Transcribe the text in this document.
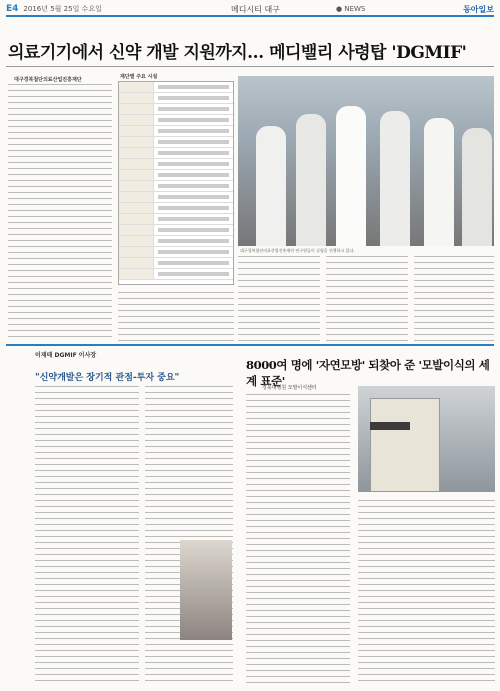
E4 2016년 5월 25일 수요일	메디시티 대구	● NEWS	동아일보
의료기기에서 신약 개발 지원까지… 메디밸리 사령탑 'DGMIF'
대구경북첨단의료산업진흥재단	재단별 주요 시설
대구경북첨단의료산업진흥재단 연구원들이 실험을 진행하고 있다.
이재태 DGMIF 이사장
"신약개발은 장기적 관점-투자 중요"
8000여 명에 '자연모방' 되찾아 준 '모발이식의 세계 표준'
경북대병원 모발이식센터
